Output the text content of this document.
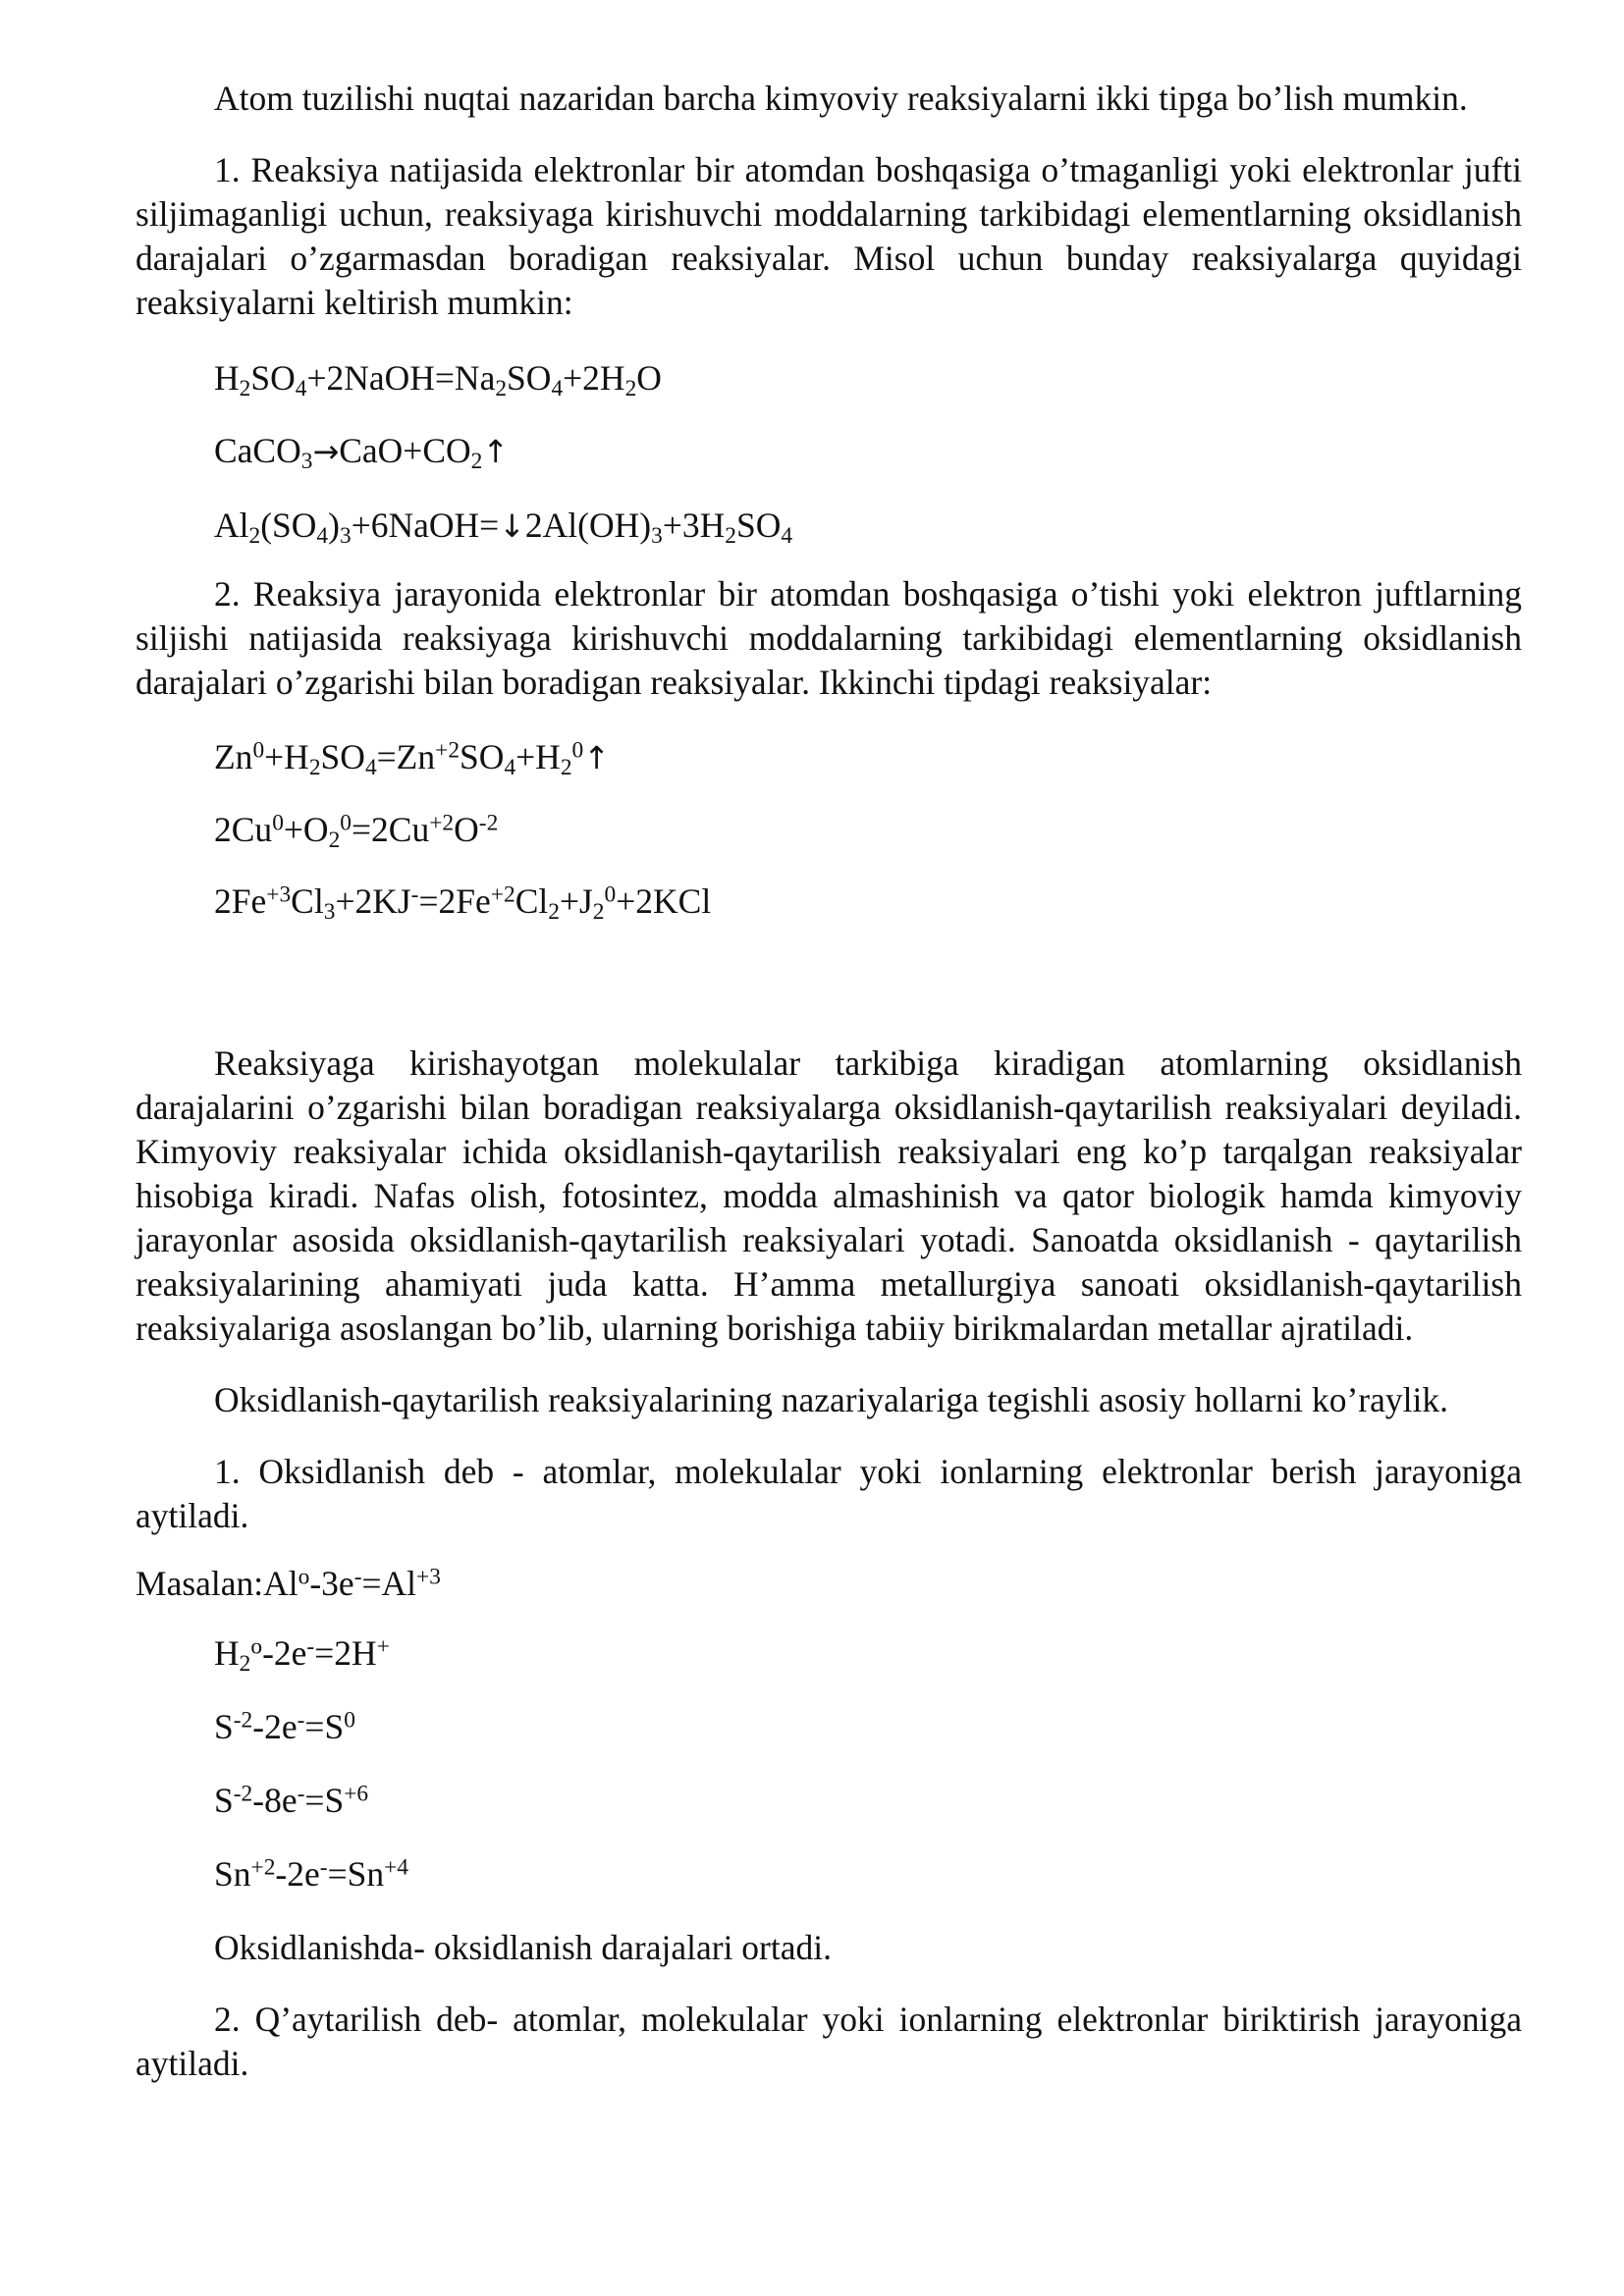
Atom tuzilishi nuqtai nazaridan barcha kimyoviy reaksiyalarni ikki tipga bo’lish mumkin.

1. Reaksiya natijasida elektronlar bir atomdan boshqasiga o’tmaganligi yoki elektronlar jufti siljimaganligi uchun, reaksiyaga kirishuvchi moddalarning tarkibidagi elementlarning oksidlanish darajalari o’zgarmasdan boradigan reaksiyalar. Misol uchun bunday reaksiyalarga quyidagi reaksiyalarni keltirish mumkin:

$H_2SO_4+2NaOH=Na_2SO_4+2H_2O$

$CaCO_3\to CaO+CO_2↑$

$Al_2(SO_4)_3+6NaOH=↓2Al(OH)_3+3H_2SO_4$

2. Reaksiya jarayonida elektronlar bir atomdan boshqasiga o’tishi yoki elektron juftlarning siljishi natijasida reaksiyaga kirishuvchi moddalarning tarkibidagi elementlarning oksidlanish darajalari o’zgarishi bilan boradigan reaksiyalar. Ikkinchi tipdagi reaksiyalar:

$Zn^0+H_2SO_4=Zn^{+2}SO_4+H_2^0↑$

$2Cu^0+O_2^0=2Cu^{+2}O^{-2}$

$2Fe^{+3}Cl_3+2KJ^-=2Fe^{+2}Cl_2+J_2^0+2KCl$

Reaksiyaga kirishayotgan molekulalar tarkibiga kiradigan atomlarning oksidlanish darajalarini o’zgarishi bilan boradigan reaksiyalarga oksidlanish-qaytarilish reaksiyalari deyiladi. Kimyoviy reaksiyalar ichida oksidlanish-qaytarilish reaksiyalari eng ko’p tarqalgan reaksiyalar hisobiga kiradi. Nafas olish, fotosintez, modda almashinish va qator biologik hamda kimyoviy jarayonlar asosida oksidlanish-qaytarilish reaksiyalari yotadi. Sanoatda oksidlanish - qaytarilish reaksiyalarining ahamiyati juda katta. H’amma metallurgiya sanoati oksidlanish-qaytarilish reaksiyalariga asoslangan bo’lib, ularning borishiga tabiiy birikmalardan metallar ajratiladi.

Oksidlanish-qaytarilish reaksiyalarining nazariyalariga tegishli asosiy hollarni ko’raylik.

1. Oksidlanish deb - atomlar, molekulalar yoki ionlarning elektronlar berish jarayoniga aytiladi.

$Masalan:Al^o-3e^-=Al^{+3}$

$H_2^o-2e^-=2H^+$

$S^{-2}-2e^-=S^0$

$S^{-2}-8e^-=S^{+6}$

$Sn^{+2}-2e^-=Sn^{+4}$

Oksidlanishda- oksidlanish darajalari ortadi.

2. Q’aytarilish deb- atomlar, molekulalar yoki ionlarning elektronlar biriktirish jarayoniga aytiladi.
